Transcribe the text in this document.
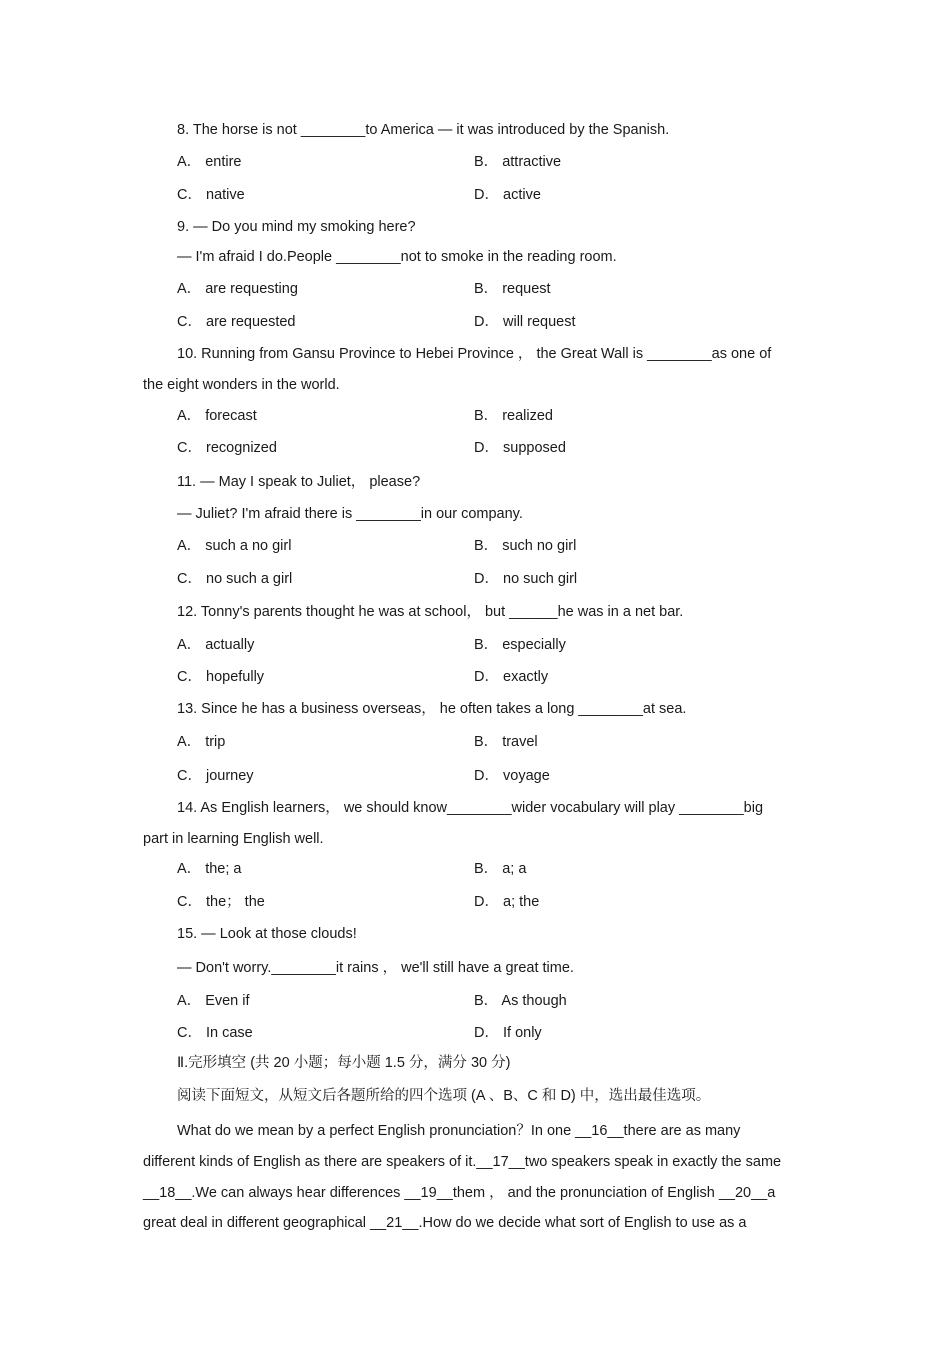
8. The horse is not ________to America — it was introduced by the Spanish.
A． entire	B． attractive
C． native	D． active
9. — Do you mind my smoking here?
— I'm afraid I do.People ________not to smoke in the reading room.
A． are requesting	B． request
C． are requested	D． will request
10. Running from Gansu Province to Hebei Province ， the Great Wall is ________as one of
the eight wonders in the world.
A． forecast	B． realized
C． recognized	D． supposed
11. — May I speak to Juliet， please?
— Juliet? I'm afraid there is ________in our company.
A． such a no girl	B． such no girl
C． no such a girl	D． no such girl
12. Tonny's parents thought he was at school， but ______he was in a net bar.
A． actually	B． especially
C． hopefully	D． exactly
13. Since he has a business overseas， he often takes a long ________at sea.
A． trip	B． travel
C． journey	D． voyage
14. As English learners， we should know________wider vocabulary will play ________big
part in learning English well.
A． the; a	B． a; a
C． the； the	D． a; the
15. — Look at those clouds!
— Don't worry.________it rains ， we'll still have a great time.
A． Even if	B． As though
C． In case	D． If only
Ⅱ.完形填空 (共 20 小题；每小题 1.5 分，满分 30 分)
阅读下面短文，从短文后各题所给的四个选项 (A 、B、C 和 D) 中，选出最佳选项。
What do we mean by a perfect English pronunciation？In one __16__there are as many
different kinds of English as there are speakers of it.__17__two speakers speak in exactly the same
__18__.We can always hear differences __19__them ， and the pronunciation of English __20__a
great deal in different geographical __21__.How do we decide what sort of English to use as a
